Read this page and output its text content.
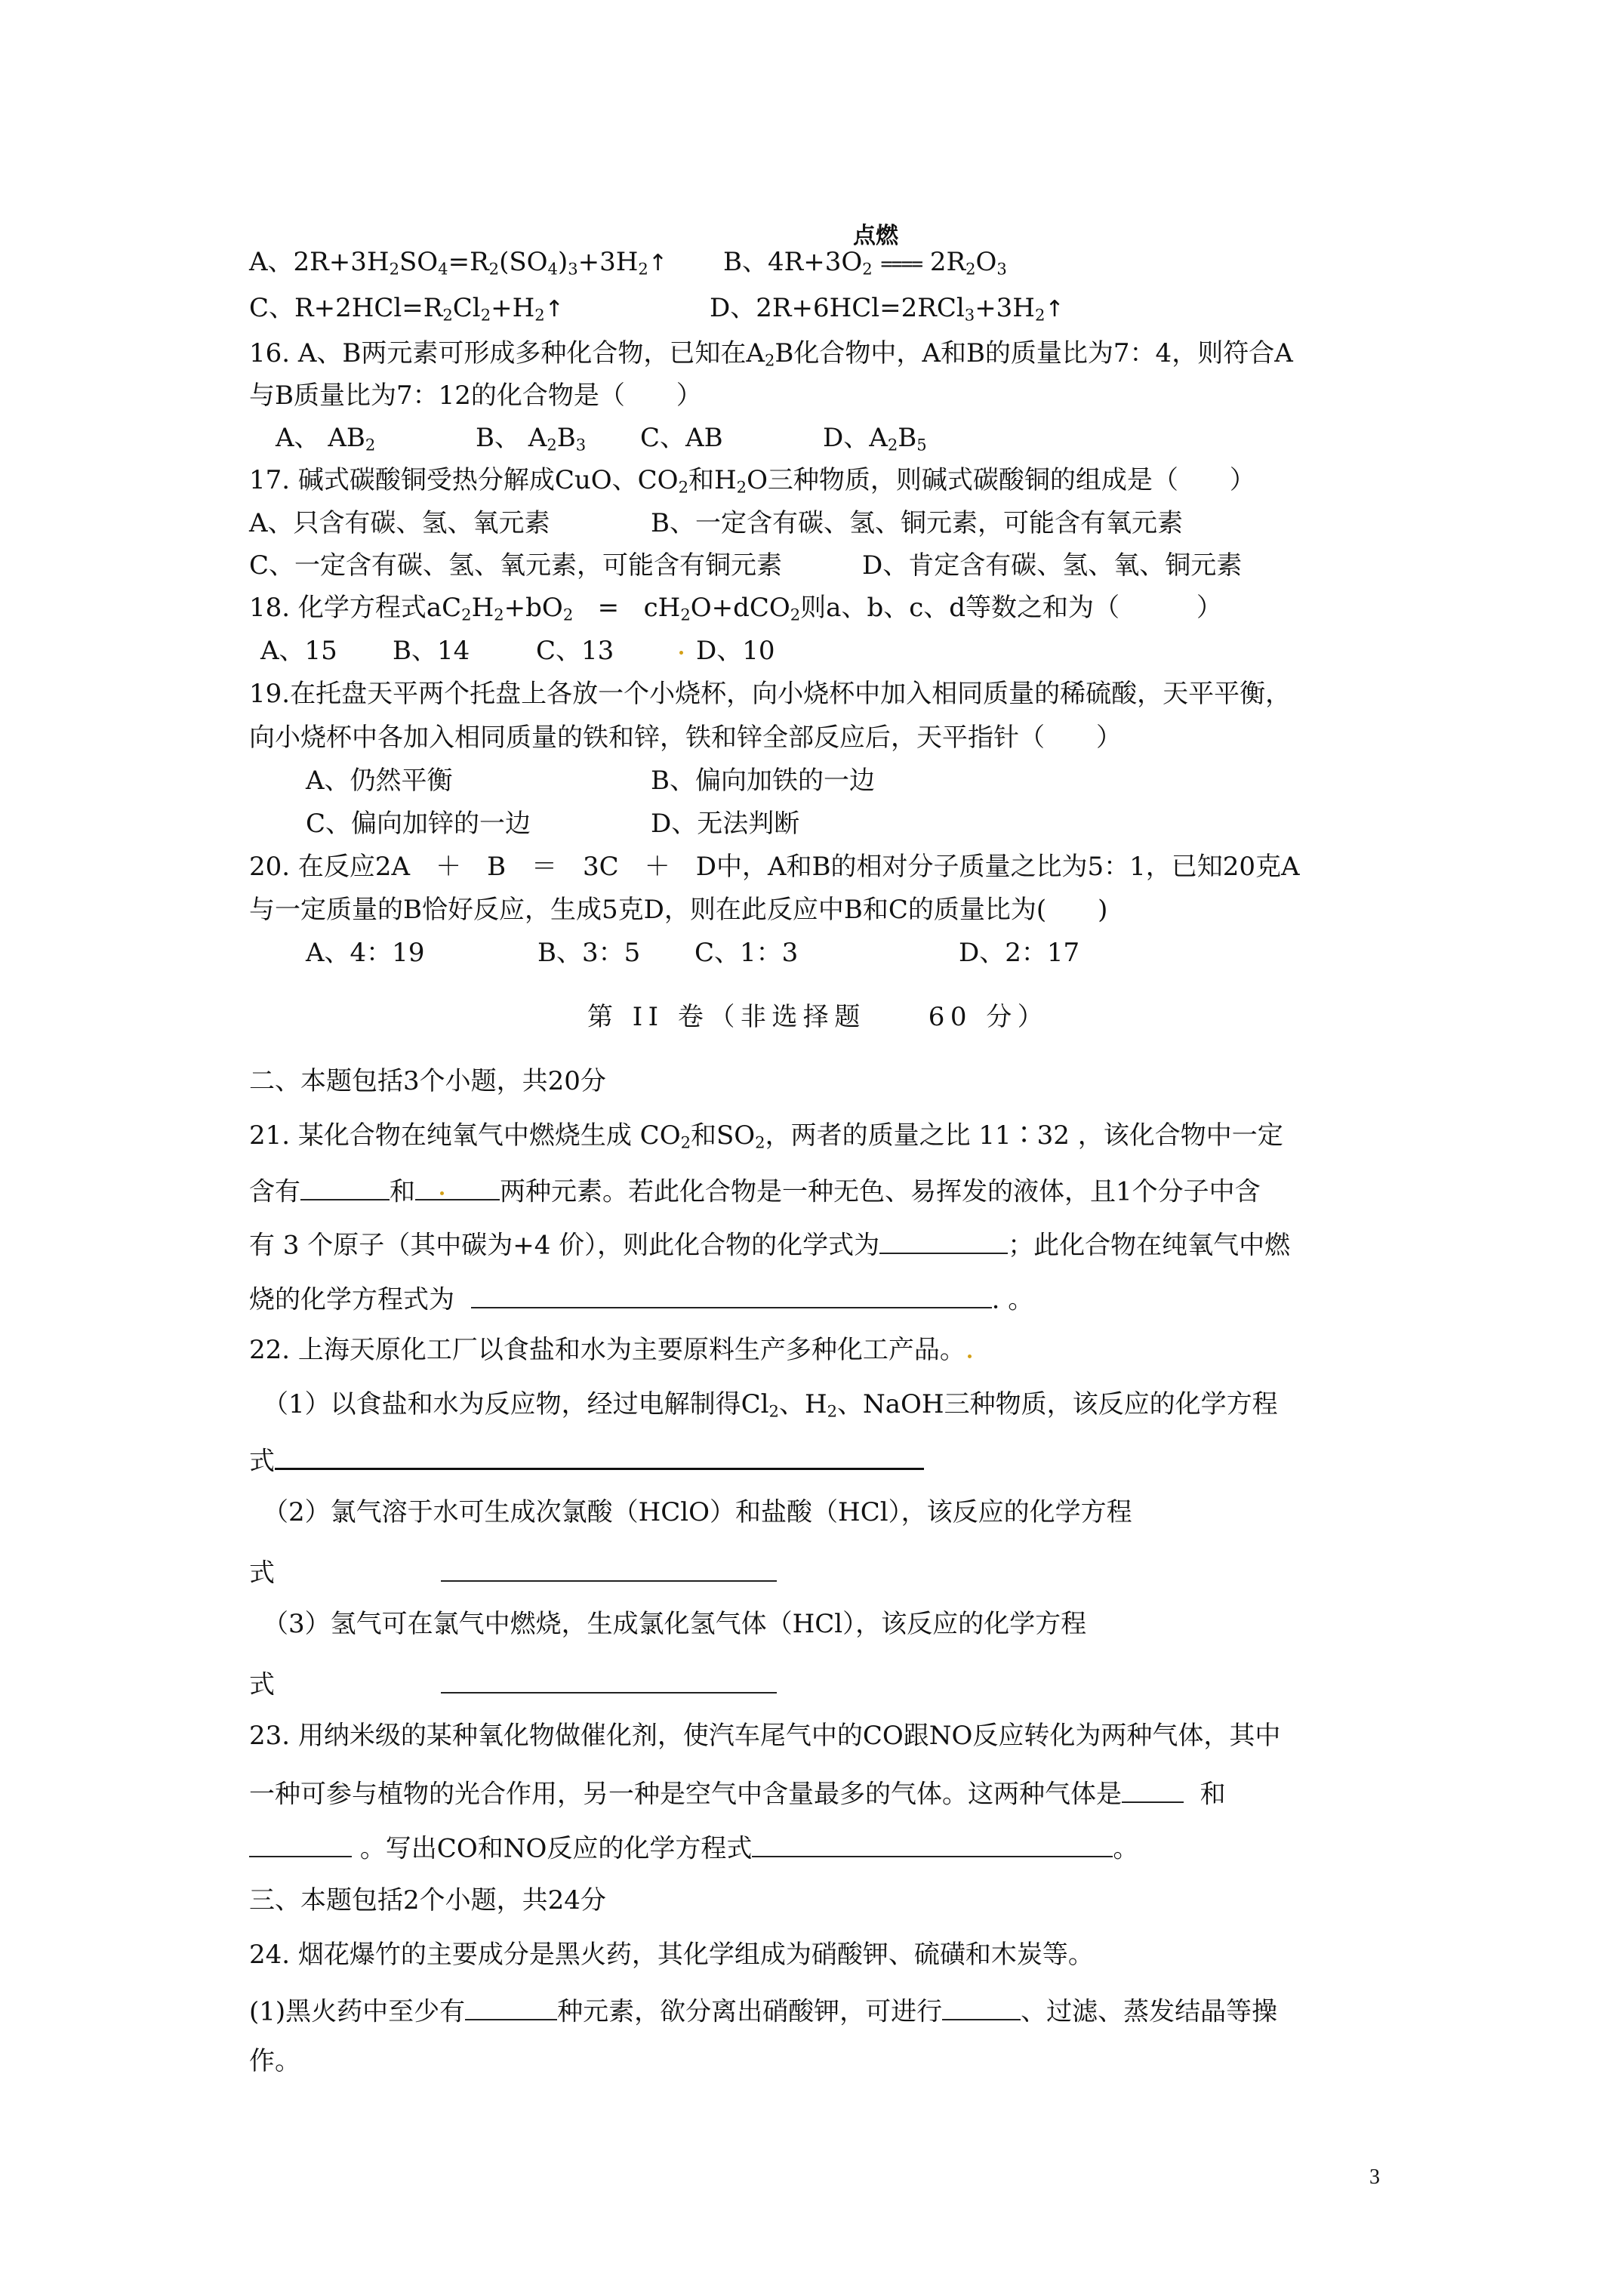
点燃
A、$2R+3H_2SO_4=R_2(SO_4)_3+3H_2↑$ B、$4R+3O_2$ ==== $2R_2O_3$
C、$R+2HCl=R_2Cl_2+H_2↑$	D、$2R+6HCl=2RCl_3+3H_2↑$
16. A、B两元素可形成多种化合物，已知在$A_2B$化合物中，A和B的质量比为7：4，则符合A
与B质量比为7：12的化合物是（　　）
A、 $AB_2$	B、 $A_2B_3$ C、AB	D、$A_2B_5$
17. 碱式碳酸铜受热分解成CuO、$CO_2$和$H_2O$三种物质，则碱式碳酸铜的组成是（　　）
A、只含有碳、氢、氧元素	B、一定含有碳、氢、铜元素，可能含有氧元素
C、一定含有碳、氢、氧元素，可能含有铜元素	D、肯定含有碳、氢、氧、铜元素
18. 化学方程式$aC_2H_2+bO_2 = cH_2O+dCO_2$则a、b、c、d等数之和为（　　　）
A、15 B、14	C、13	D、10
19.在托盘天平两个托盘上各放一个小烧杯，向小烧杯中加入相同质量的稀硫酸，天平平衡，
向小烧杯中各加入相同质量的铁和锌，铁和锌全部反应后，天平指针（　　）
A、仍然平衡	B、偏向加铁的一边
C、偏向加锌的一边	D、无法判断
20. 在反应2A　＋　B　＝　3C　＋　D中，A和B的相对分子质量之比为5：1，已知20克A
与一定质量的B恰好反应，生成5克D，则在此反应中B和C的质量比为(　　)
A、4：19	B、3：5 C、1：3	D、2：17
第 II 卷（非选择题　　60 分）
二、本题包括3个小题，共20分
21. 某化合物在纯氧气中燃烧生成 $CO_2$和$SO_2$，两者的质量之比 11∶32 ，该化合物中一定
含有	和	两种元素。若此化合物是一种无色、易挥发的液体，且1个分子中含
有 3 个原子（其中碳为+4 价），则此化合物的化学式为	；此化合物在纯氧气中燃
烧的化学方程式为	. 。
22. 上海天原化工厂以食盐和水为主要原料生产多种化工产品。
（1）以食盐和水为反应物，经过电解制得$Cl_2$、$H_2$、NaOH三种物质，该反应的化学方程
式
（2）氯气溶于水可生成次氯酸（HClO）和盐酸（HCl），该反应的化学方程
式
（3）氢气可在氯气中燃烧，生成氯化氢气体（HCl），该反应的化学方程
式
23. 用纳米级的某种氧化物做催化剂，使汽车尾气中的CO跟NO反应转化为两种气体，其中
一种可参与植物的光合作用，另一种是空气中含量最多的气体。这两种气体是	和
。写出CO和NO反应的化学方程式	。
三、本题包括2个小题，共24分
24. 烟花爆竹的主要成分是黑火药，其化学组成为硝酸钾、硫磺和木炭等。
(1)黑火药中至少有	种元素，欲分离出硝酸钾，可进行	、过滤、蒸发结晶等操
作。
3
